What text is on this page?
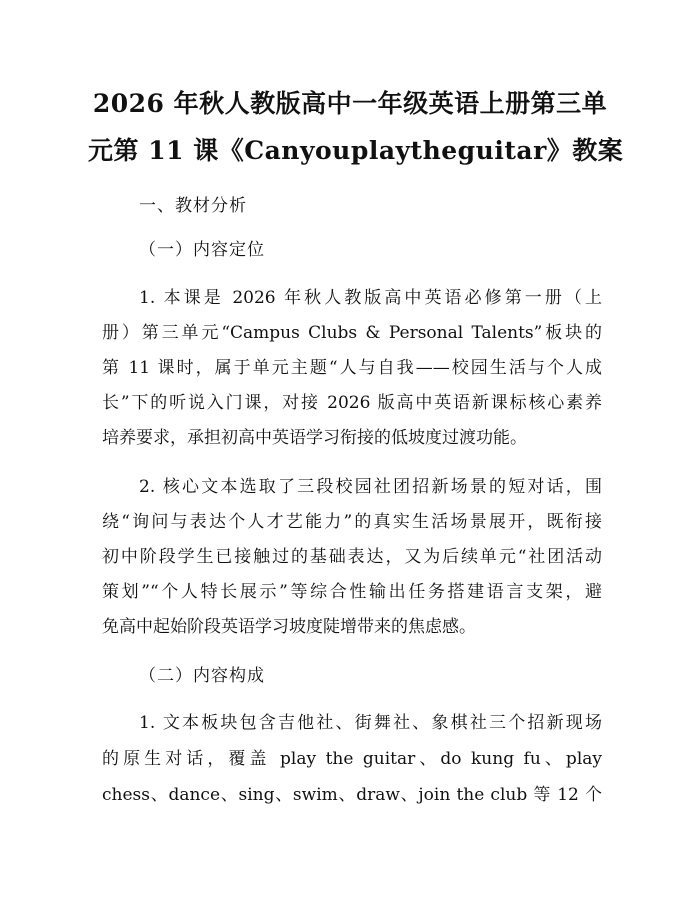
2026 年秋人教版高中一年级英语上册第三单
元第 11 课《Canyouplaytheguitar》教案
一、教材分析
（一）内容定位
1. 本课是 2026 年秋人教版高中英语必修第一册（上
册）第三单元“Campus Clubs & Personal Talents”板块的
第 11 课时，属于单元主题“人与自我——校园生活与个人成
长”下的听说入门课，对接 2026 版高中英语新课标核心素养
培养要求，承担初高中英语学习衔接的低坡度过渡功能。
2. 核心文本选取了三段校园社团招新场景的短对话，围
绕“询问与表达个人才艺能力”的真实生活场景展开，既衔接
初中阶段学生已接触过的基础表达，又为后续单元“社团活动
策划”“个人特长展示”等综合性输出任务搭建语言支架，避
免高中起始阶段英语学习坡度陡增带来的焦虑感。
（二）内容构成
1. 文本板块包含吉他社、街舞社、象棋社三个招新现场
的原生对话，覆盖 play the guitar、do kung fu、play
chess、dance、sing、swim、draw、join the club 等 12 个
